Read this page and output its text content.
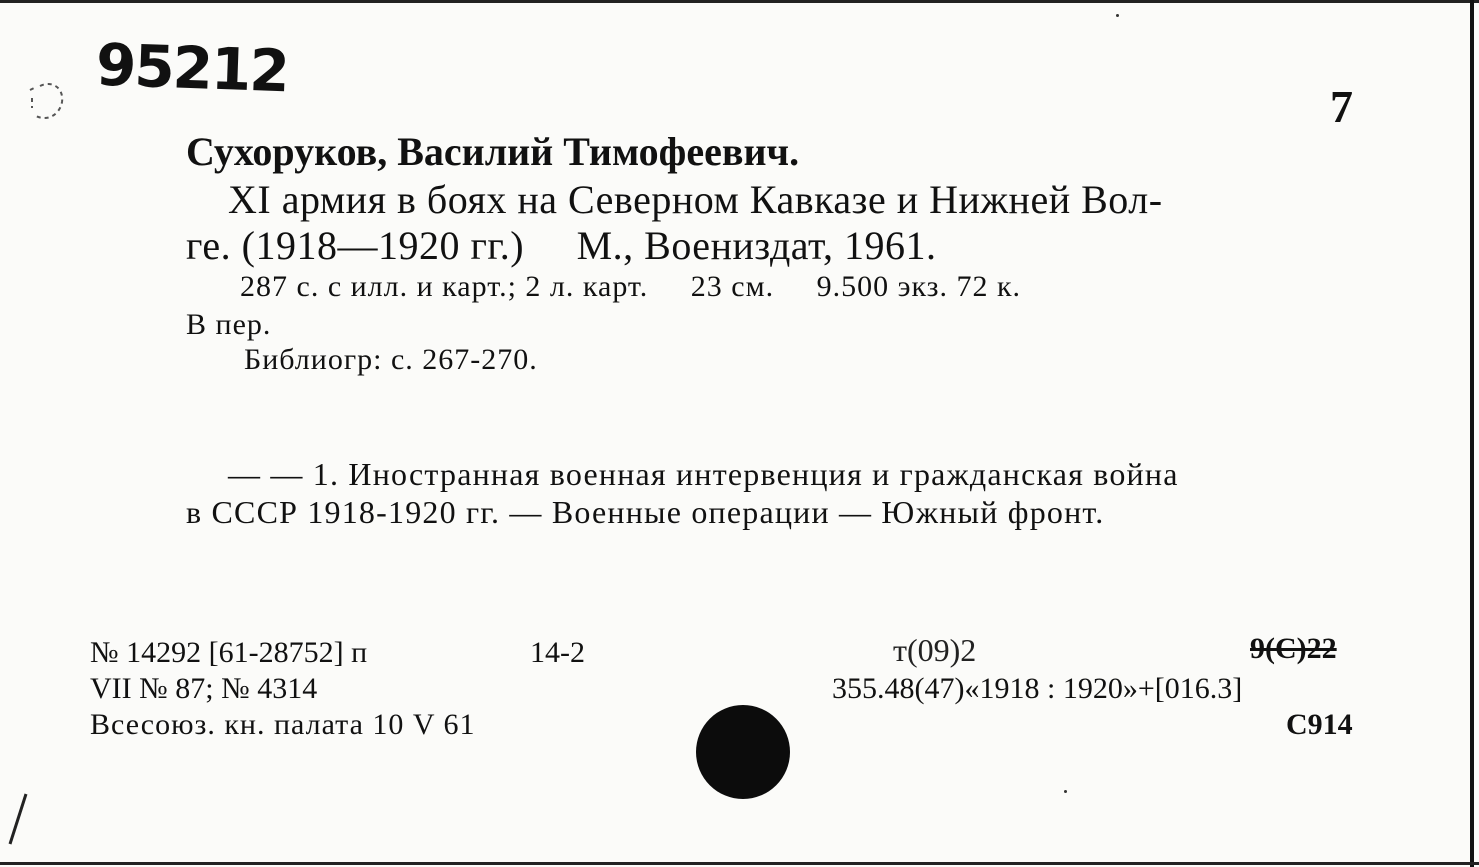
95212
7
Сухоруков, Василий Тимофеевич.
XI армия в боях на Северном Кавказе и Нижней Вол-
ге. (1918—1920 гг.)     М., Воениздат, 1961.
287 с. с илл. и карт.; 2 л. карт.     23 см.     9.500 экз. 72 к.
В пер.
Библиогр: с. 267-270.
— — 1. Иностранная военная интервенция и гражданская война
в СССР 1918-1920 гг. — Военные операции — Южный фронт.
№ 14292 [61-28752] п	14-2
VII № 87; № 4314
Всесоюз. кн. палата 10 V 61
т(09)2	9(С)22
355.48(47)«1918 : 1920»+[016.3]
С914
